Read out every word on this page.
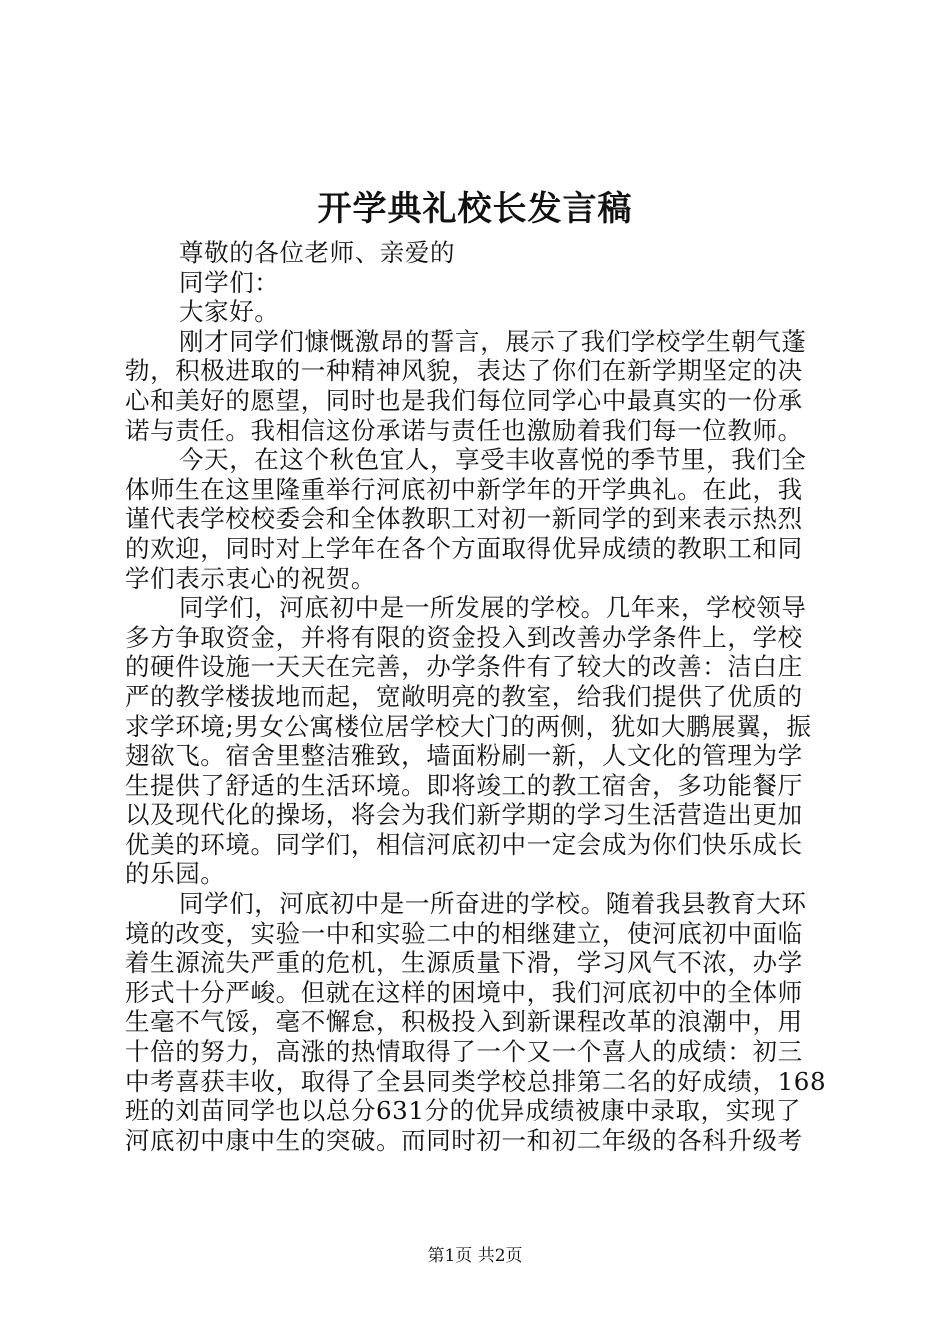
开学典礼校长发言稿
尊敬的各位老师、亲爱的
同学们：
大家好。
刚才同学们慷慨激昂的誓言，展示了我们学校学生朝气蓬
勃，积极进取的一种精神风貌，表达了你们在新学期坚定的决
心和美好的愿望，同时也是我们每位同学心中最真实的一份承
诺与责任。我相信这份承诺与责任也激励着我们每一位教师。
今天，在这个秋色宜人，享受丰收喜悦的季节里，我们全
体师生在这里隆重举行河底初中新学年的开学典礼。在此，我
谨代表学校校委会和全体教职工对初一新同学的到来表示热烈
的欢迎，同时对上学年在各个方面取得优异成绩的教职工和同
学们表示衷心的祝贺。
同学们，河底初中是一所发展的学校。几年来，学校领导
多方争取资金，并将有限的资金投入到改善办学条件上，学校
的硬件设施一天天在完善，办学条件有了较大的改善：洁白庄
严的教学楼拔地而起，宽敞明亮的教室，给我们提供了优质的
求学环境;男女公寓楼位居学校大门的两侧，犹如大鹏展翼，振
翅欲飞。宿舍里整洁雅致，墙面粉刷一新，人文化的管理为学
生提供了舒适的生活环境。即将竣工的教工宿舍，多功能餐厅
以及现代化的操场，将会为我们新学期的学习生活营造出更加
优美的环境。同学们，相信河底初中一定会成为你们快乐成长
的乐园。
同学们，河底初中是一所奋进的学校。随着我县教育大环
境的改变，实验一中和实验二中的相继建立，使河底初中面临
着生源流失严重的危机，生源质量下滑，学习风气不浓，办学
形式十分严峻。但就在这样的困境中，我们河底初中的全体师
生毫不气馁，毫不懈怠，积极投入到新课程改革的浪潮中，用
十倍的努力，高涨的热情取得了一个又一个喜人的成绩：初三
中考喜获丰收，取得了全县同类学校总排第二名的好成绩，168
班的刘苗同学也以总分631分的优异成绩被康中录取，实现了
河底初中康中生的突破。而同时初一和初二年级的各科升级考
第1页 共2页
